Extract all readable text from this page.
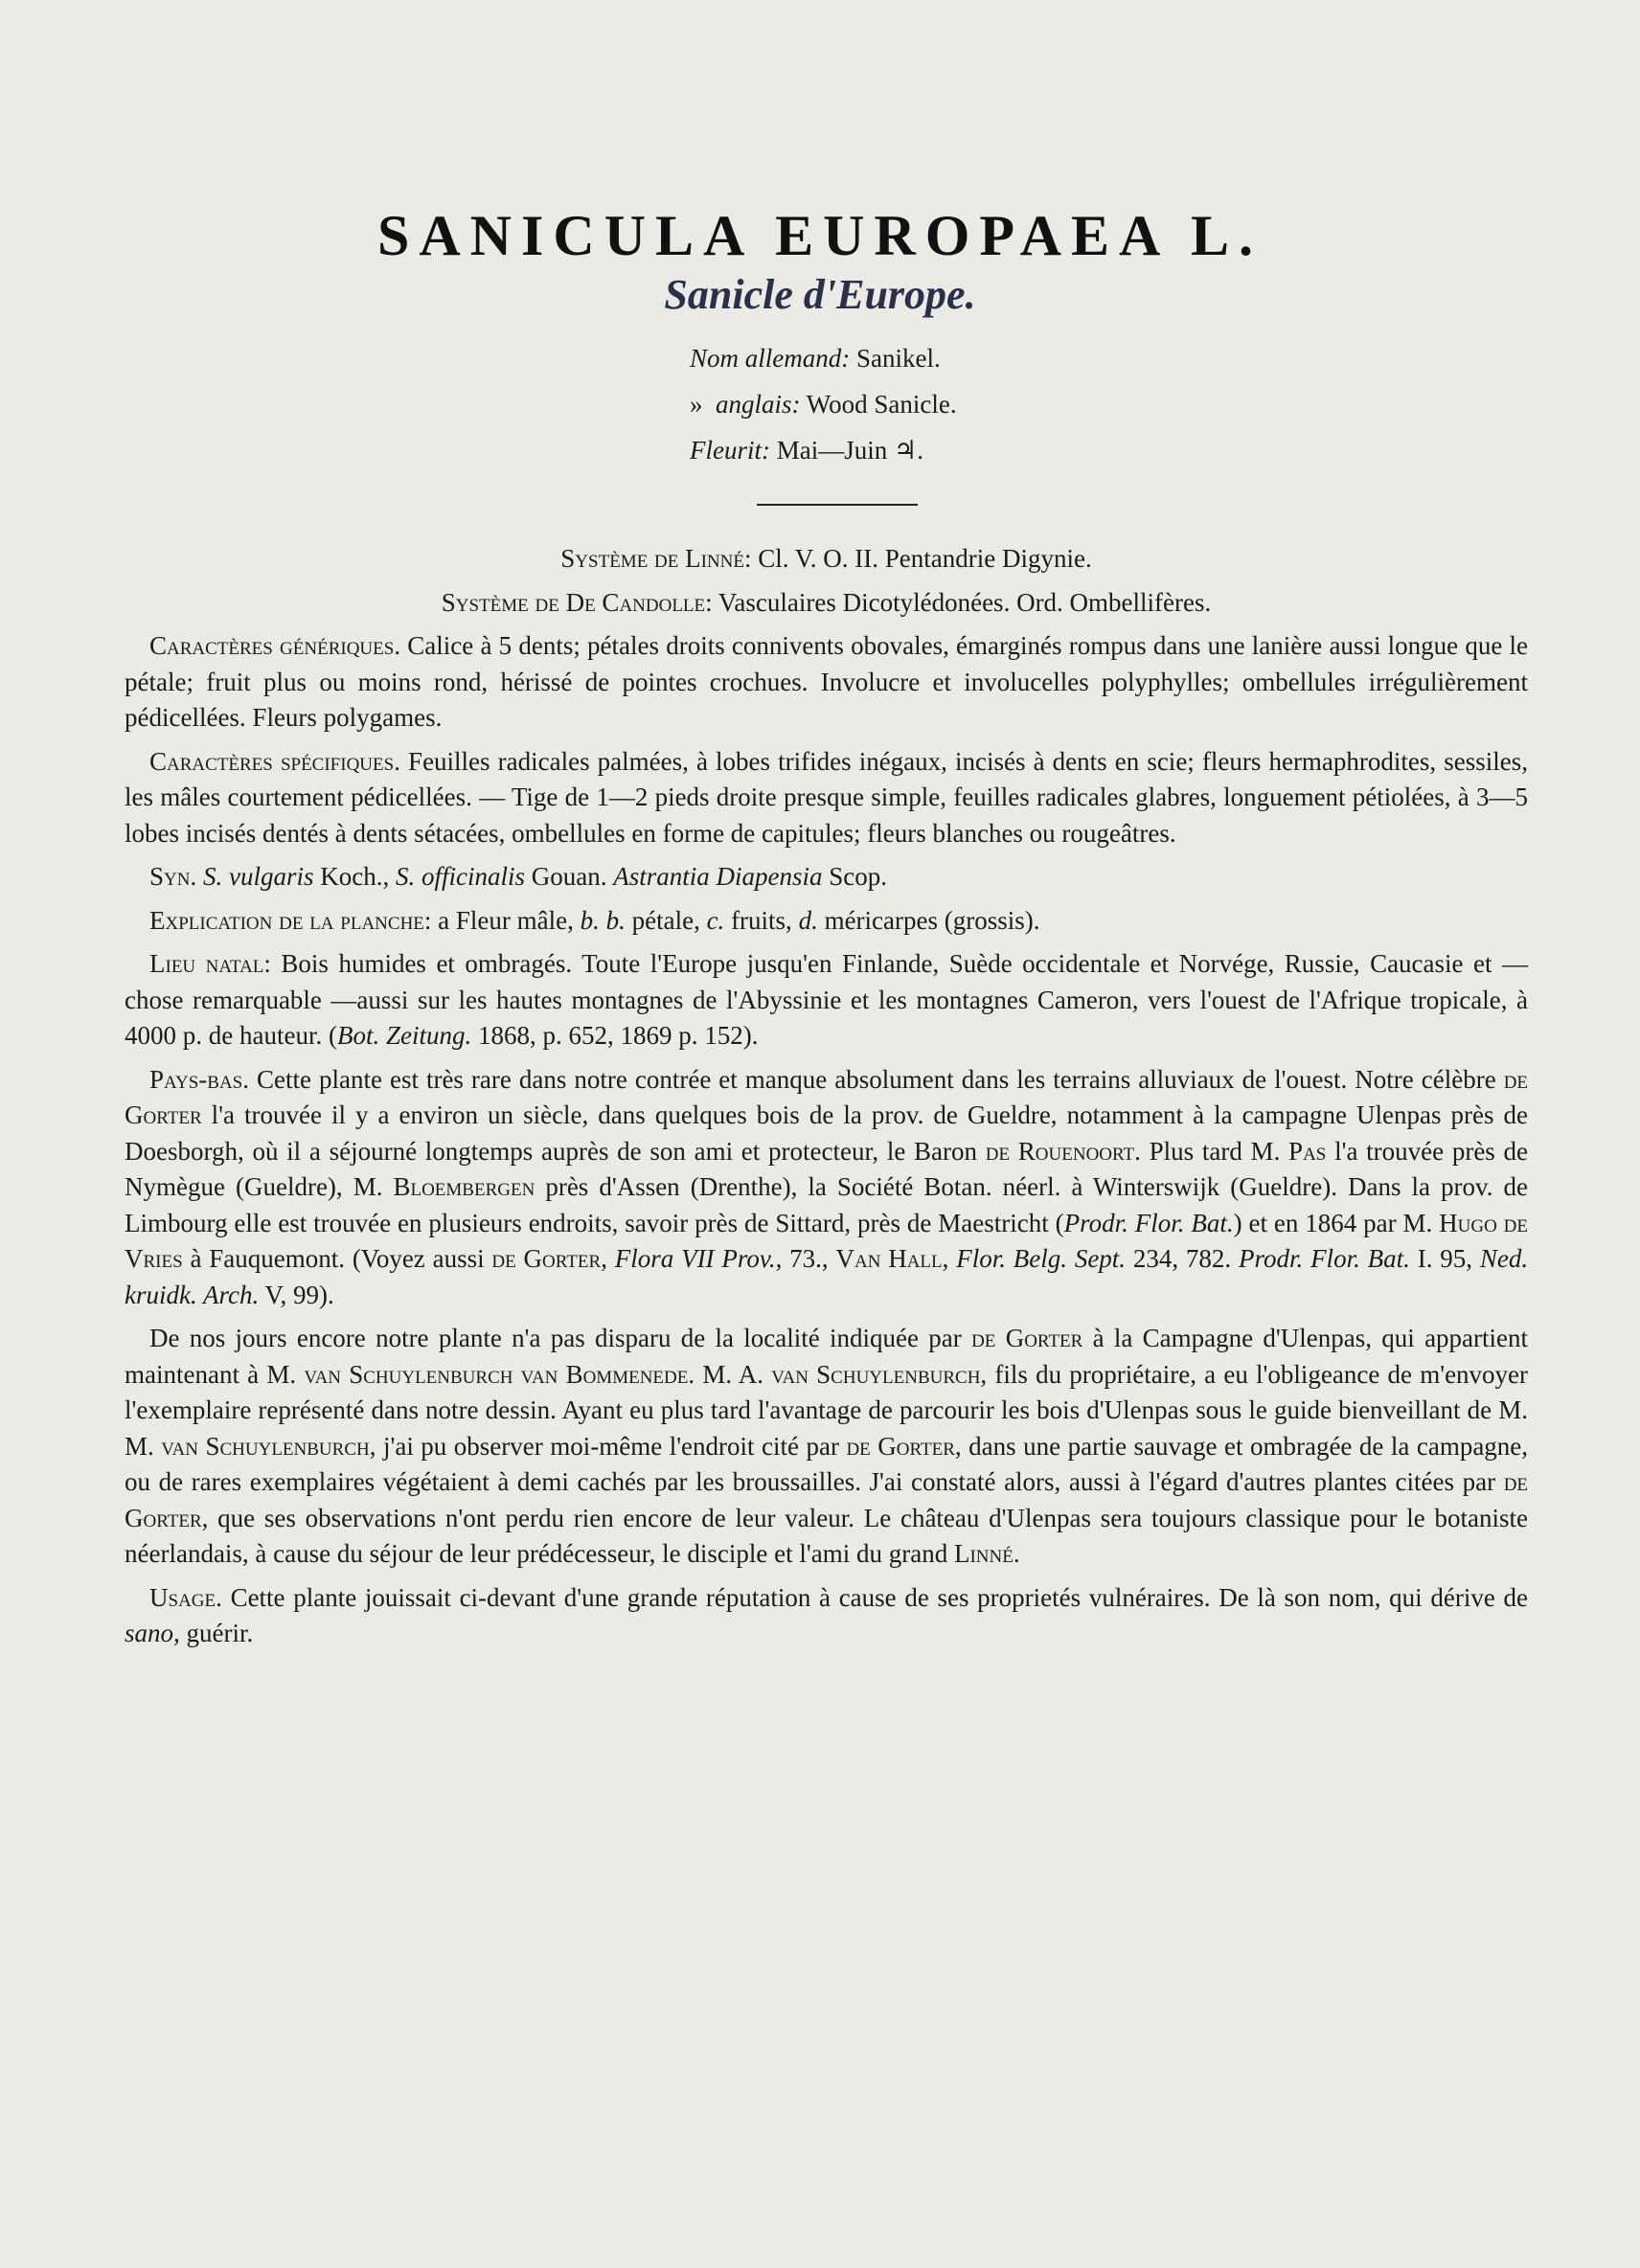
SANICULA EUROPAEA L.
Sanicle d'Europe.
Nom allemand: Sanikel.
» anglais: Wood Sanicle.
Fleurit: Mai—Juin ♃.

Système de Linné: Cl. V. O. II. Pentandrie Digynie.

Système de De Candolle: Vasculaires Dicotylédonées. Ord. Ombellifères.

Caractères génériques. Calice à 5 dents; pétales droits connivents obovales, émarginés rompus dans une lanière aussi longue que le pétale; fruit plus ou moins rond, hérissé de pointes crochues. Involucre et involucelles polyphylles; ombellules irrégulièrement pédicellées. Fleurs polygames.

Caractères spécifiques. Feuilles radicales palmées, à lobes trifides inégaux, incisés à dents en scie; fleurs hermaphrodites, sessiles, les mâles courtement pédicellées. — Tige de 1—2 pieds droite presque simple, feuilles radicales glabres, longuement pétiolées, à 3—5 lobes incisés dentés à dents sétacées, ombellules en forme de capitules; fleurs blanches ou rougeâtres.

Syn. S. vulgaris Koch., S. officinalis Gouan. Astrantia Diapensia Scop.

Explication de la planche: a Fleur mâle, b. b. pétale, c. fruits, d. méricarpes (grossis).

Lieu natal: Bois humides et ombragés. Toute l'Europe jusqu'en Finlande, Suède occidentale et Norvége, Russie, Caucasie et — chose remarquable —aussi sur les hautes montagnes de l'Abyssinie et les montagnes Cameron, vers l'ouest de l'Afrique tropicale, à 4000 p. de hauteur. (Bot. Zeitung. 1868, p. 652, 1869 p. 152).

Pays-bas. Cette plante est très rare dans notre contrée et manque absolument dans les terrains alluviaux de l'ouest. Notre célèbre de Gorter l'a trouvée il y a environ un siècle, dans quelques bois de la prov. de Gueldre, notamment à la campagne Ulenpas près de Doesborgh, où il a séjourné longtemps auprès de son ami et protecteur, le Baron de Rouenoort. Plus tard M. Pas l'a trouvée près de Nymègue (Gueldre), M. Bloembergen près d'Assen (Drenthe), la Société Botan. néerl. à Winterswijk (Gueldre). Dans la prov. de Limbourg elle est trouvée en plusieurs endroits, savoir près de Sittard, près de Maestricht (Prodr. Flor. Bat.) et en 1864 par M. Hugo de Vries à Fauquemont. (Voyez aussi de Gorter, Flora VII Prov., 73., Van Hall, Flor. Belg. Sept. 234, 782. Prodr. Flor. Bat. I. 95, Ned. kruidk. Arch. V, 99).

De nos jours encore notre plante n'a pas disparu de la localité indiquée par de Gorter à la Campagne d'Ulenpas, qui appartient maintenant à M. van Schuylenburch van Bommenede. M. A. van Schuylenburch, fils du propriétaire, a eu l'obligeance de m'envoyer l'exemplaire représenté dans notre dessin. Ayant eu plus tard l'avantage de parcourir les bois d'Ulenpas sous le guide bienveillant de M. M. van Schuylenburch, j'ai pu observer moi-même l'endroit cité par de Gorter, dans une partie sauvage et ombragée de la campagne, ou de rares exemplaires végétaient à demi cachés par les broussailles. J'ai constaté alors, aussi à l'égard d'autres plantes citées par de Gorter, que ses observations n'ont perdu rien encore de leur valeur. Le château d'Ulenpas sera toujours classique pour le botaniste néerlandais, à cause du séjour de leur prédécesseur, le disciple et l'ami du grand Linné.

Usage. Cette plante jouissait ci-devant d'une grande réputation à cause de ses proprietés vulnéraires. De là son nom, qui dérive de sano, guérir.
